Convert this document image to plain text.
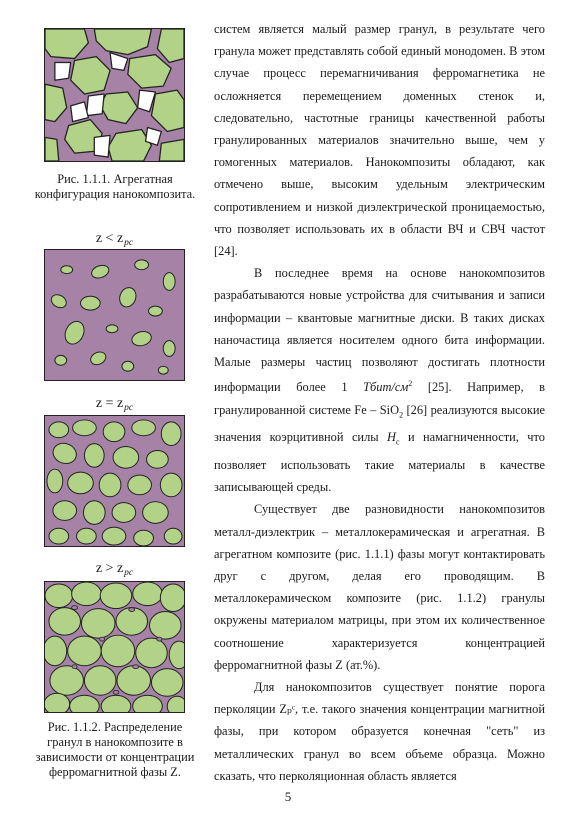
Рис. 1.1.1. Агрегатная конфигурация нанокомпозита.
$z < z_{pc}$
$z = z_{pc}$
$z > z_{pc}$
Рис. 1.1.2. Распределение гранул в нанокомпозите в зависимости от концентрации ферромагнитной фазы Z.

систем является малый размер гранул, в результате чего гранула может представлять собой единый монодомен. В этом случае процесс перемагничивания ферромагнетика не осложняется перемещением доменных стенок и, следовательно, частотные границы качественной работы гранулированных материалов значительно выше, чем у гомогенных материалов. Нанокомпозиты обладают, как отмечено выше, высоким удельным электрическим сопротивлением и низкой диэлектрической проницаемостью, что позволяет использовать их в области ВЧ и СВЧ частот [24].

В последнее время на основе нанокомпозитов разрабатываются новые устройства для считывания и записи информации – квантовые магнитные диски. В таких дисках наночастица является носителем одного бита информации. Малые размеры частиц позволяют достигать плотности информации более 1 Тбит/$см^2$ [25]. Например, в гранулированной системе Fe – SiO$_2$ [26] реализуются высокие значения коэрцитивной силы $H_c$ и намагниченности, что позволяет использовать такие материалы в качестве записывающей среды.

Существует две разновидности нанокомпозитов металл-диэлектрик – металлокерамическая и агрегатная. В агрегатном композите (рис. 1.1.1) фазы могут контактировать друг с другом, делая его проводящим. В металлокерамическом композите (рис. 1.1.2) гранулы окружены материалом матрицы, при этом их количественное соотношение характеризуется концентрацией ферромагнитной фазы Z (ат.%).

Для нанокомпозитов существует понятие порога перколяции Zₚᶜ, т.е. такого значения концентрации магнитной фазы, при котором образуется конечная "сеть" из металлических гранул во всем объеме образца. Можно сказать, что перколяционная область является

5
